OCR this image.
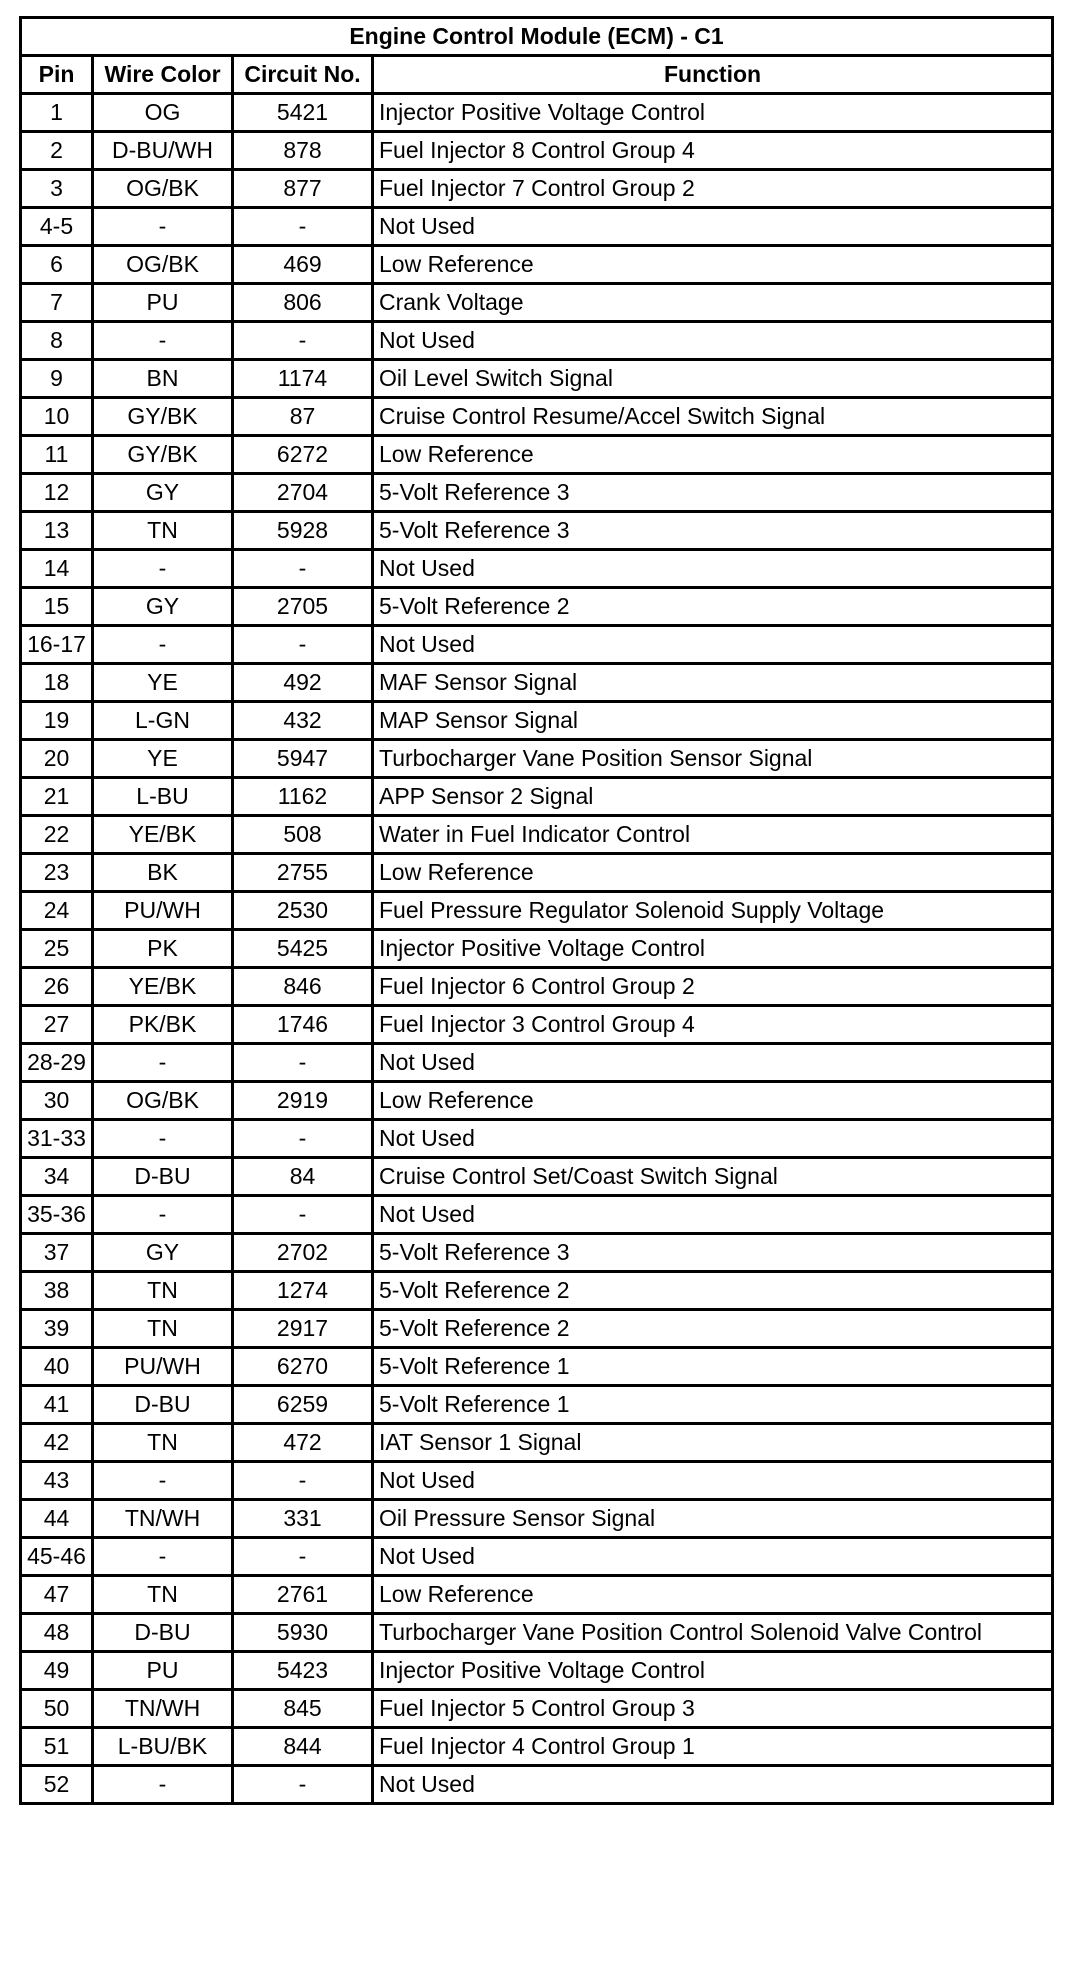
Engine Control Module (ECM) - C1			
Pin	Wire Color	Circuit No.	Function
1	OG	5421	Injector Positive Voltage Control
2	D-BU/WH	878	Fuel Injector 8 Control Group 4
3	OG/BK	877	Fuel Injector 7 Control Group 2
4-5	-	-	Not Used
6	OG/BK	469	Low Reference
7	PU	806	Crank Voltage
8	-	-	Not Used
9	BN	1174	Oil Level Switch Signal
10	GY/BK	87	Cruise Control Resume/Accel Switch Signal
11	GY/BK	6272	Low Reference
12	GY	2704	5-Volt Reference 3
13	TN	5928	5-Volt Reference 3
14	-	-	Not Used
15	GY	2705	5-Volt Reference 2
16-17	-	-	Not Used
18	YE	492	MAF Sensor Signal
19	L-GN	432	MAP Sensor Signal
20	YE	5947	Turbocharger Vane Position Sensor Signal
21	L-BU	1162	APP Sensor 2 Signal
22	YE/BK	508	Water in Fuel Indicator Control
23	BK	2755	Low Reference
24	PU/WH	2530	Fuel Pressure Regulator Solenoid Supply Voltage
25	PK	5425	Injector Positive Voltage Control
26	YE/BK	846	Fuel Injector 6 Control Group 2
27	PK/BK	1746	Fuel Injector 3 Control Group 4
28-29	-	-	Not Used
30	OG/BK	2919	Low Reference
31-33	-	-	Not Used
34	D-BU	84	Cruise Control Set/Coast Switch Signal
35-36	-	-	Not Used
37	GY	2702	5-Volt Reference 3
38	TN	1274	5-Volt Reference 2
39	TN	2917	5-Volt Reference 2
40	PU/WH	6270	5-Volt Reference 1
41	D-BU	6259	5-Volt Reference 1
42	TN	472	IAT Sensor 1 Signal
43	-	-	Not Used
44	TN/WH	331	Oil Pressure Sensor Signal
45-46	-	-	Not Used
47	TN	2761	Low Reference
48	D-BU	5930	Turbocharger Vane Position Control Solenoid Valve Control
49	PU	5423	Injector Positive Voltage Control
50	TN/WH	845	Fuel Injector 5 Control Group 3
51	L-BU/BK	844	Fuel Injector 4 Control Group 1
52	-	-	Not Used
